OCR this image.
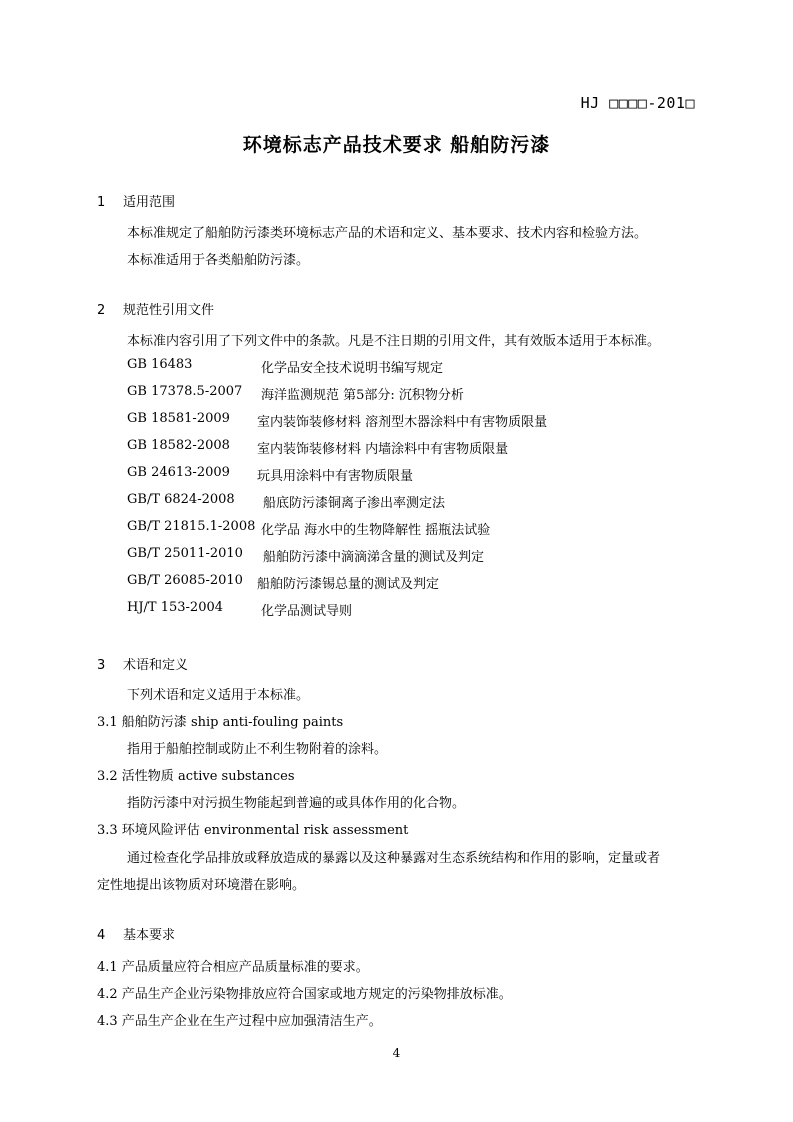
HJ □□□□-201□
环境标志产品技术要求 船舶防污漆
1 适用范围
本标准规定了船舶防污漆类环境标志产品的术语和定义、基本要求、技术内容和检验方法。
本标准适用于各类船舶防污漆。
2 规范性引用文件
本标准内容引用了下列文件中的条款。凡是不注日期的引用文件，其有效版本适用于本标准。
GB 16483	化学品安全技术说明书编写规定
GB 17378.5-2007 海洋监测规范 第5部分: 沉积物分析
GB 18581-2009 室内装饰装修材料 溶剂型木器涂料中有害物质限量
GB 18582-2008 室内装饰装修材料 内墙涂料中有害物质限量
GB 24613-2009 玩具用涂料中有害物质限量
GB/T 6824-2008 船底防污漆铜离子渗出率测定法
GB/T 21815.1-2008 化学品 海水中的生物降解性 摇瓶法试验
GB/T 25011-2010 船舶防污漆中滴滴涕含量的测试及判定
GB/T 26085-2010 船舶防污漆锡总量的测试及判定
HJ/T 153-2004	化学品测试导则
3 术语和定义
下列术语和定义适用于本标准。
3.1 船舶防污漆 ship anti-fouling paints
指用于船舶控制或防止不利生物附着的涂料。
3.2 活性物质 active substances
指防污漆中对污损生物能起到普遍的或具体作用的化合物。
3.3 环境风险评估 environmental risk assessment
通过检查化学品排放或释放造成的暴露以及这种暴露对生态系统结构和作用的影响，定量或者
定性地提出该物质对环境潜在影响。
4 基本要求
4.1 产品质量应符合相应产品质量标准的要求。
4.2 产品生产企业污染物排放应符合国家或地方规定的污染物排放标准。
4.3 产品生产企业在生产过程中应加强清洁生产。
4
